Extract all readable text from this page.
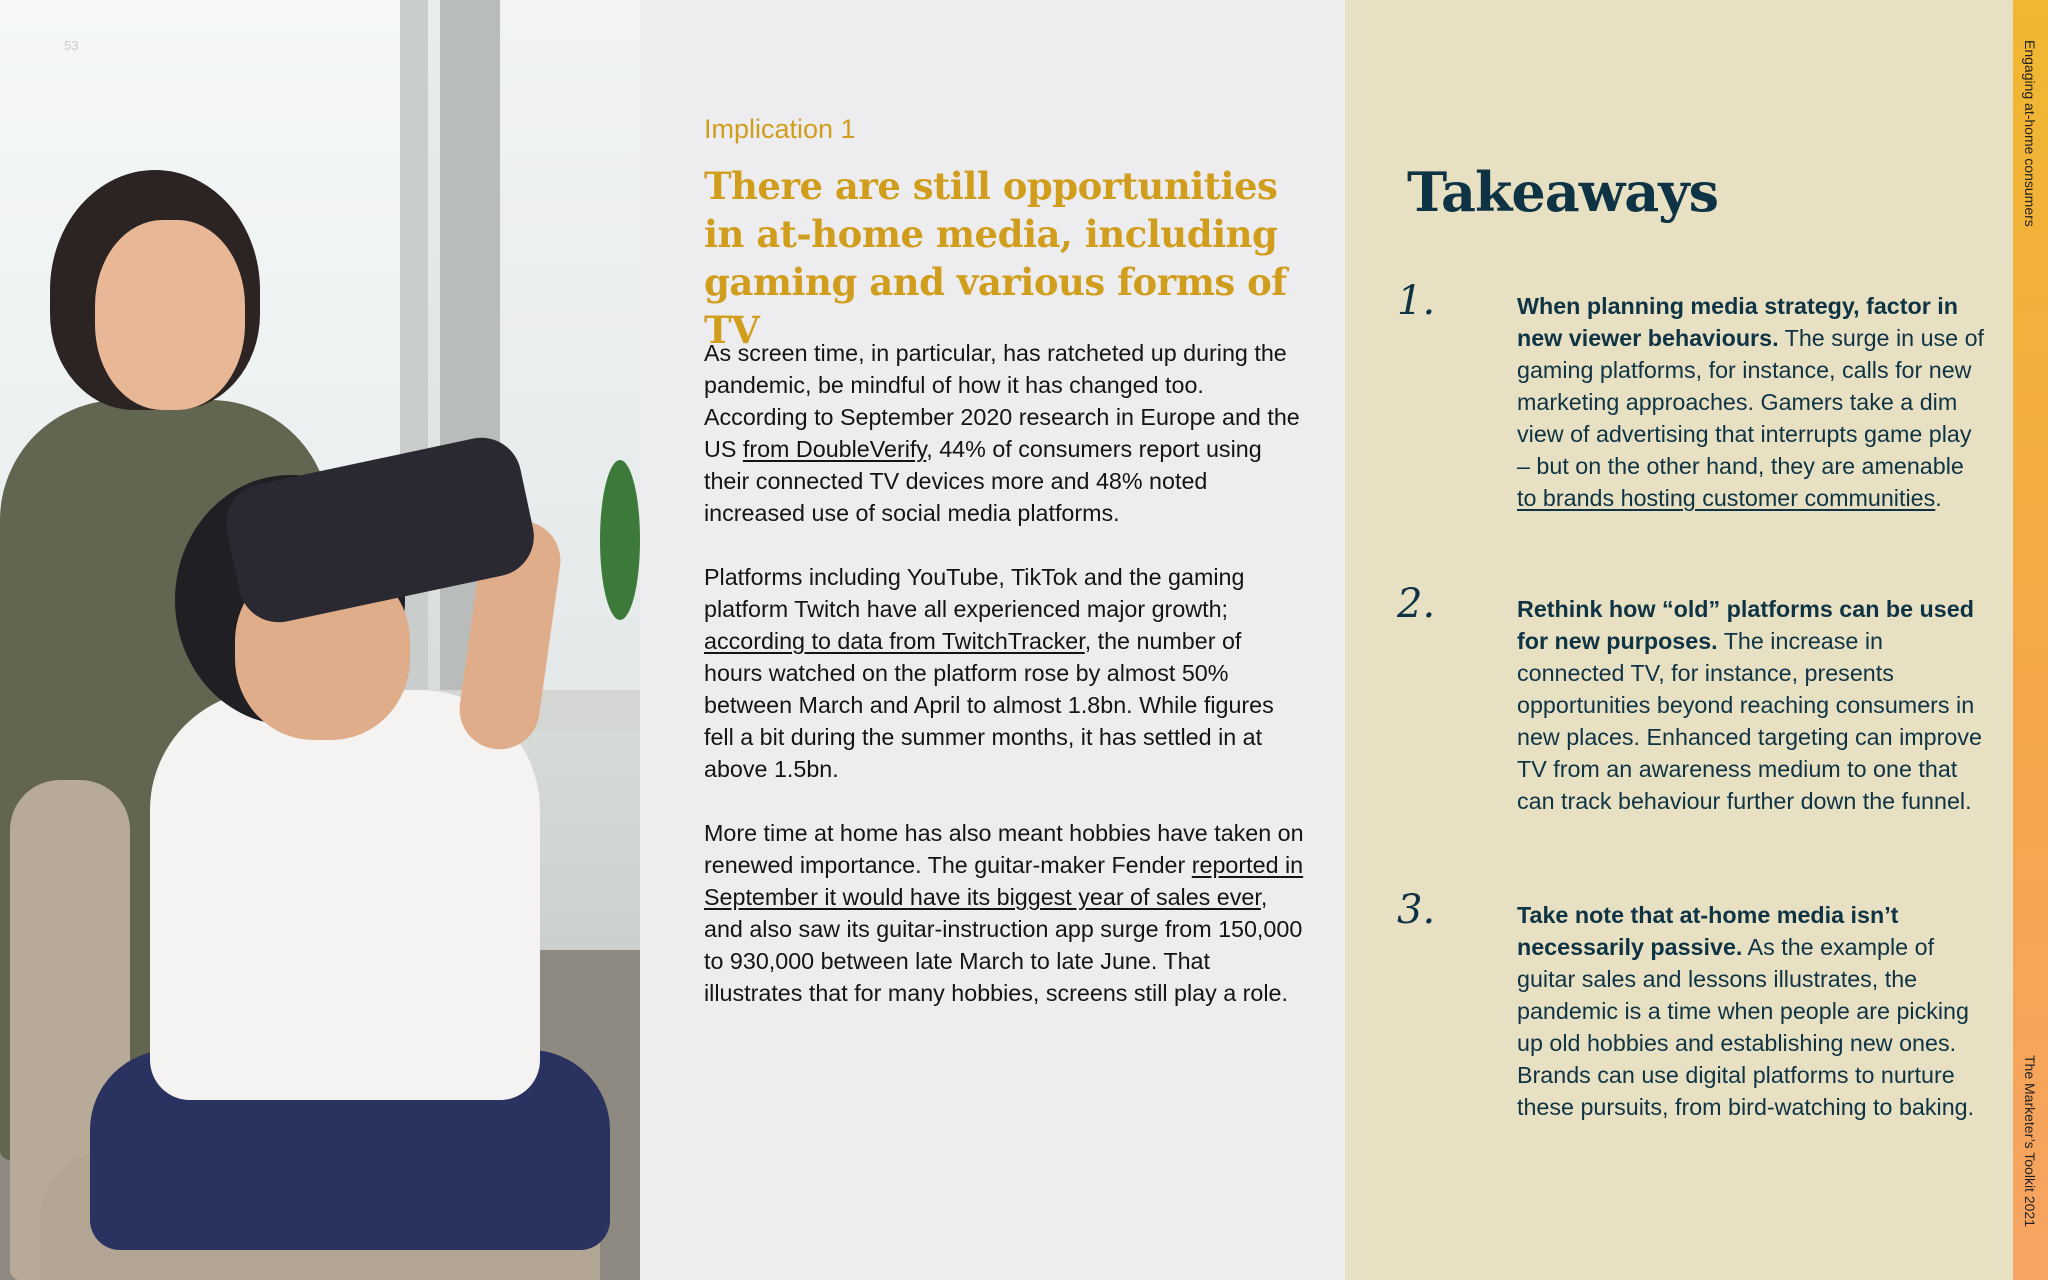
53
Implication 1
There are still opportunities
in at-home media, including
gaming and various forms of TV

As screen time, in particular, has ratcheted up during the pandemic, be mindful of how it has changed too. According to September 2020 research in Europe and the US from DoubleVerify, 44% of consumers report using their connected TV devices more and 48% noted increased use of social media platforms.

Platforms including YouTube, TikTok and the gaming platform Twitch have all experienced major growth; according to data from TwitchTracker, the number of hours watched on the platform rose by almost 50% between March and April to almost 1.8bn. While figures fell a bit during the summer months, it has settled in at above 1.5bn.

More time at home has also meant hobbies have taken on renewed importance. The guitar-maker Fender reported in September it would have its biggest year of sales ever, and also saw its guitar-instruction app surge from 150,000 to 930,000 between late March to late June. That illustrates that for many hobbies, screens still play a role.

Takeaways
1.	When planning media strategy, factor in new viewer behaviours. The surge in use of gaming platforms, for instance, calls for new marketing approaches. Gamers take a dim view of advertising that interrupts game play – but on the other hand, they are amenable to brands hosting customer communities.
2.	Rethink how “old” platforms can be used for new purposes. The increase in connected TV, for instance, presents opportunities beyond reaching consumers in new places. Enhanced targeting can improve TV from an awareness medium to one that can track behaviour further down the funnel.
3.	Take note that at-home media isn’t necessarily passive. As the example of guitar sales and lessons illustrates, the pandemic is a time when people are picking up old hobbies and establishing new ones. Brands can use digital platforms to nurture these pursuits, from bird-watching to baking.
Engaging at-home consumers
The Marketer’s Toolkit 2021
